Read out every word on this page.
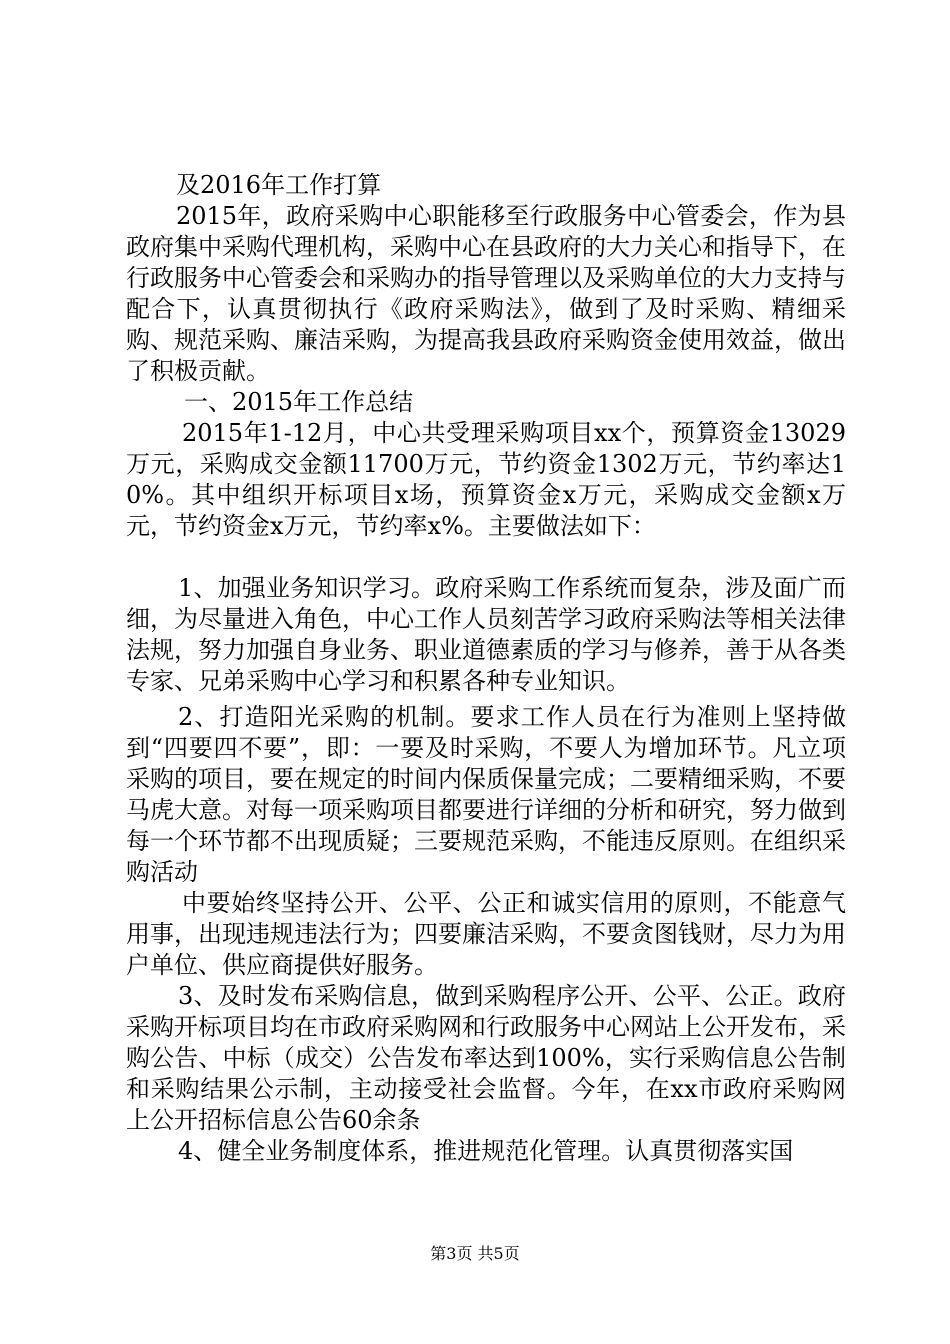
及2016年工作打算

2015年，政府采购中心职能移至行政服务中心管委会，作为县政府集中采购代理机构，采购中心在县政府的大力关心和指导下，在行政服务中心管委会和采购办的指导管理以及采购单位的大力支持与配合下，认真贯彻执行《政府采购法》，做到了及时采购、精细采购、规范采购、廉洁采购，为提高我县政府采购资金使用效益，做出了积极贡献。

一、2015年工作总结

2015年1-12月，中心共受理采购项目xx个，预算资金13029万元，采购成交金额11700万元，节约资金1302万元，节约率达10%。其中组织开标项目x场，预算资金x万元，采购成交金额x万元，节约资金x万元，节约率x%。主要做法如下：

1、加强业务知识学习。政府采购工作系统而复杂，涉及面广而细，为尽量进入角色，中心工作人员刻苦学习政府采购法等相关法律法规，努力加强自身业务、职业道德素质的学习与修养，善于从各类专家、兄弟采购中心学习和积累各种专业知识。

2、打造阳光采购的机制。要求工作人员在行为准则上坚持做到“四要四不要”，即：一要及时采购，不要人为增加环节。凡立项采购的项目，要在规定的时间内保质保量完成；二要精细采购，不要马虎大意。对每一项采购项目都要进行详细的分析和研究，努力做到每一个环节都不出现质疑；三要规范采购，不能违反原则。在组织采购活动

中要始终坚持公开、公平、公正和诚实信用的原则，不能意气用事，出现违规违法行为；四要廉洁采购，不要贪图钱财，尽力为用户单位、供应商提供好服务。

3、及时发布采购信息，做到采购程序公开、公平、公正。政府采购开标项目均在市政府采购网和行政服务中心网站上公开发布，采购公告、中标（成交）公告发布率达到100%，实行采购信息公告制和采购结果公示制，主动接受社会监督。今年，在xx市政府采购网上公开招标信息公告60余条

4、健全业务制度体系，推进规范化管理。认真贯彻落实国

第3页 共5页
